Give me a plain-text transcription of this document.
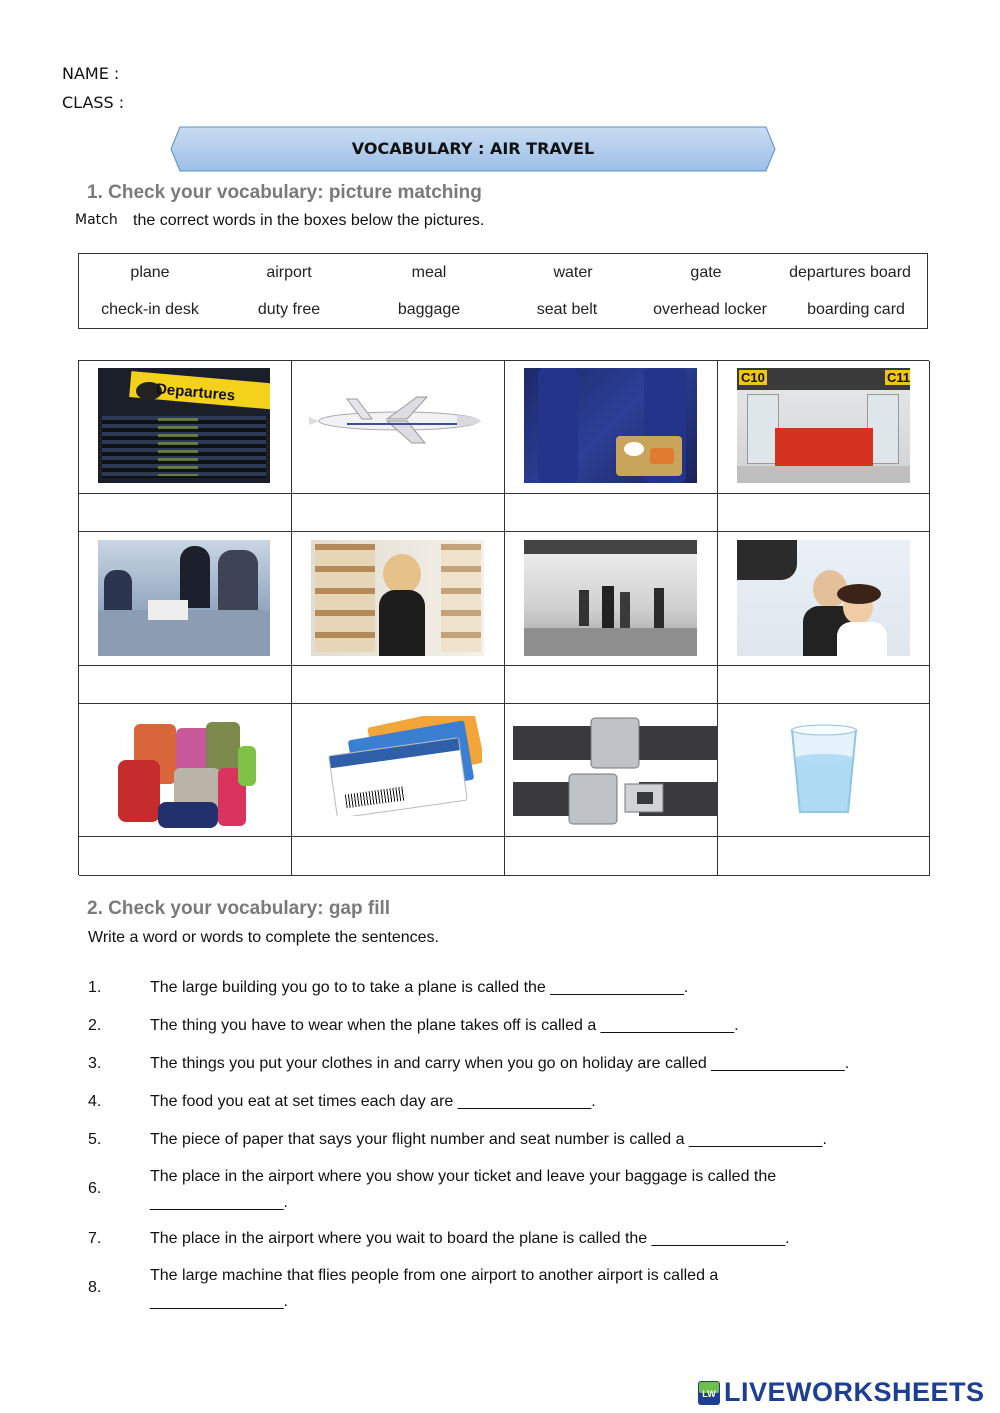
NAME :
CLASS :
VOCABULARY : AIR TRAVEL
1. Check your vocabulary: picture matching
Match the correct words in the boxes below the pictures.
plane	airport	meal	water	gate	departures board
check-in desk	duty free	baggage	seat belt	overhead locker	boarding card
Departures
C10	C11
2. Check your vocabulary: gap fill
Write a word or words to complete the sentences.
1.	The large building you go to to take a plane is called the _______________.
2.	The thing you have to wear when the plane takes off is called a _______________.
3.	The things you put your clothes in and carry when you go on holiday are called _______________.
4.	The food you eat at set times each day are _______________.
5.	The piece of paper that says your flight number and seat number is called a _______________.
6.
The place in the airport where you show your ticket and leave your baggage is called the
_______________.
7.	The place in the airport where you wait to board the plane is called the _______________.
8.
The large machine that flies people from one airport to another airport is called a
_______________.
LW LIVEWORKSHEETS
